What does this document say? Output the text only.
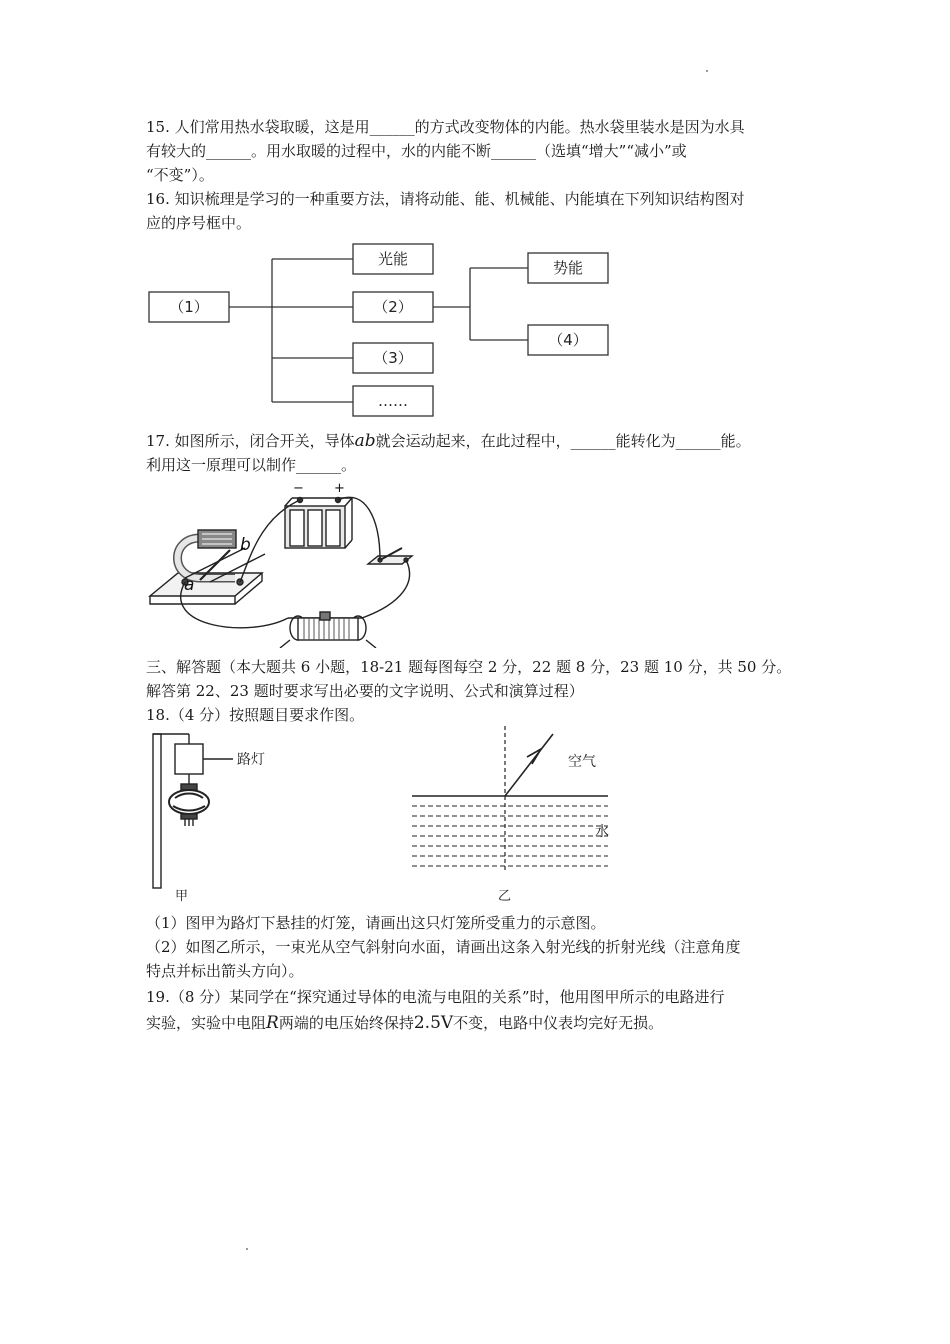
15. 人们常用热水袋取暖，这是用______的方式改变物体的内能。热水袋里装水是因为水具
有较大的______。用水取暖的过程中，水的内能不断______（选填“增大”“减小”或
“不变”）。
16. 知识梳理是学习的一种重要方法，请将动能、能、机械能、内能填在下列知识结构图对
应的序号框中。
（1）
光能
（2）
（3）
……
势能
（4）
17. 如图所示，闭合开关，导体ab就会运动起来，在此过程中，______能转化为______能。
利用这一原理可以制作______。
− +
a
b
三、解答题（本大题共 6 小题，18-21 题每图每空 2 分，22 题 8 分，23 题 10 分，共 50 分。
解答第 22、23 题时要求写出必要的文字说明、公式和演算过程）
18.（4 分）按照题目要求作图。
路灯
甲
空气
水
乙
（1）图甲为路灯下悬挂的灯笼，请画出这只灯笼所受重力的示意图。
（2）如图乙所示，一束光从空气斜射向水面，请画出这条入射光线的折射光线（注意角度
特点并标出箭头方向）。
19.（8 分）某同学在“探究通过导体的电流与电阻的关系”时，他用图甲所示的电路进行
实验，实验中电阻R两端的电压始终保持2.5V不变，电路中仪表均完好无损。
